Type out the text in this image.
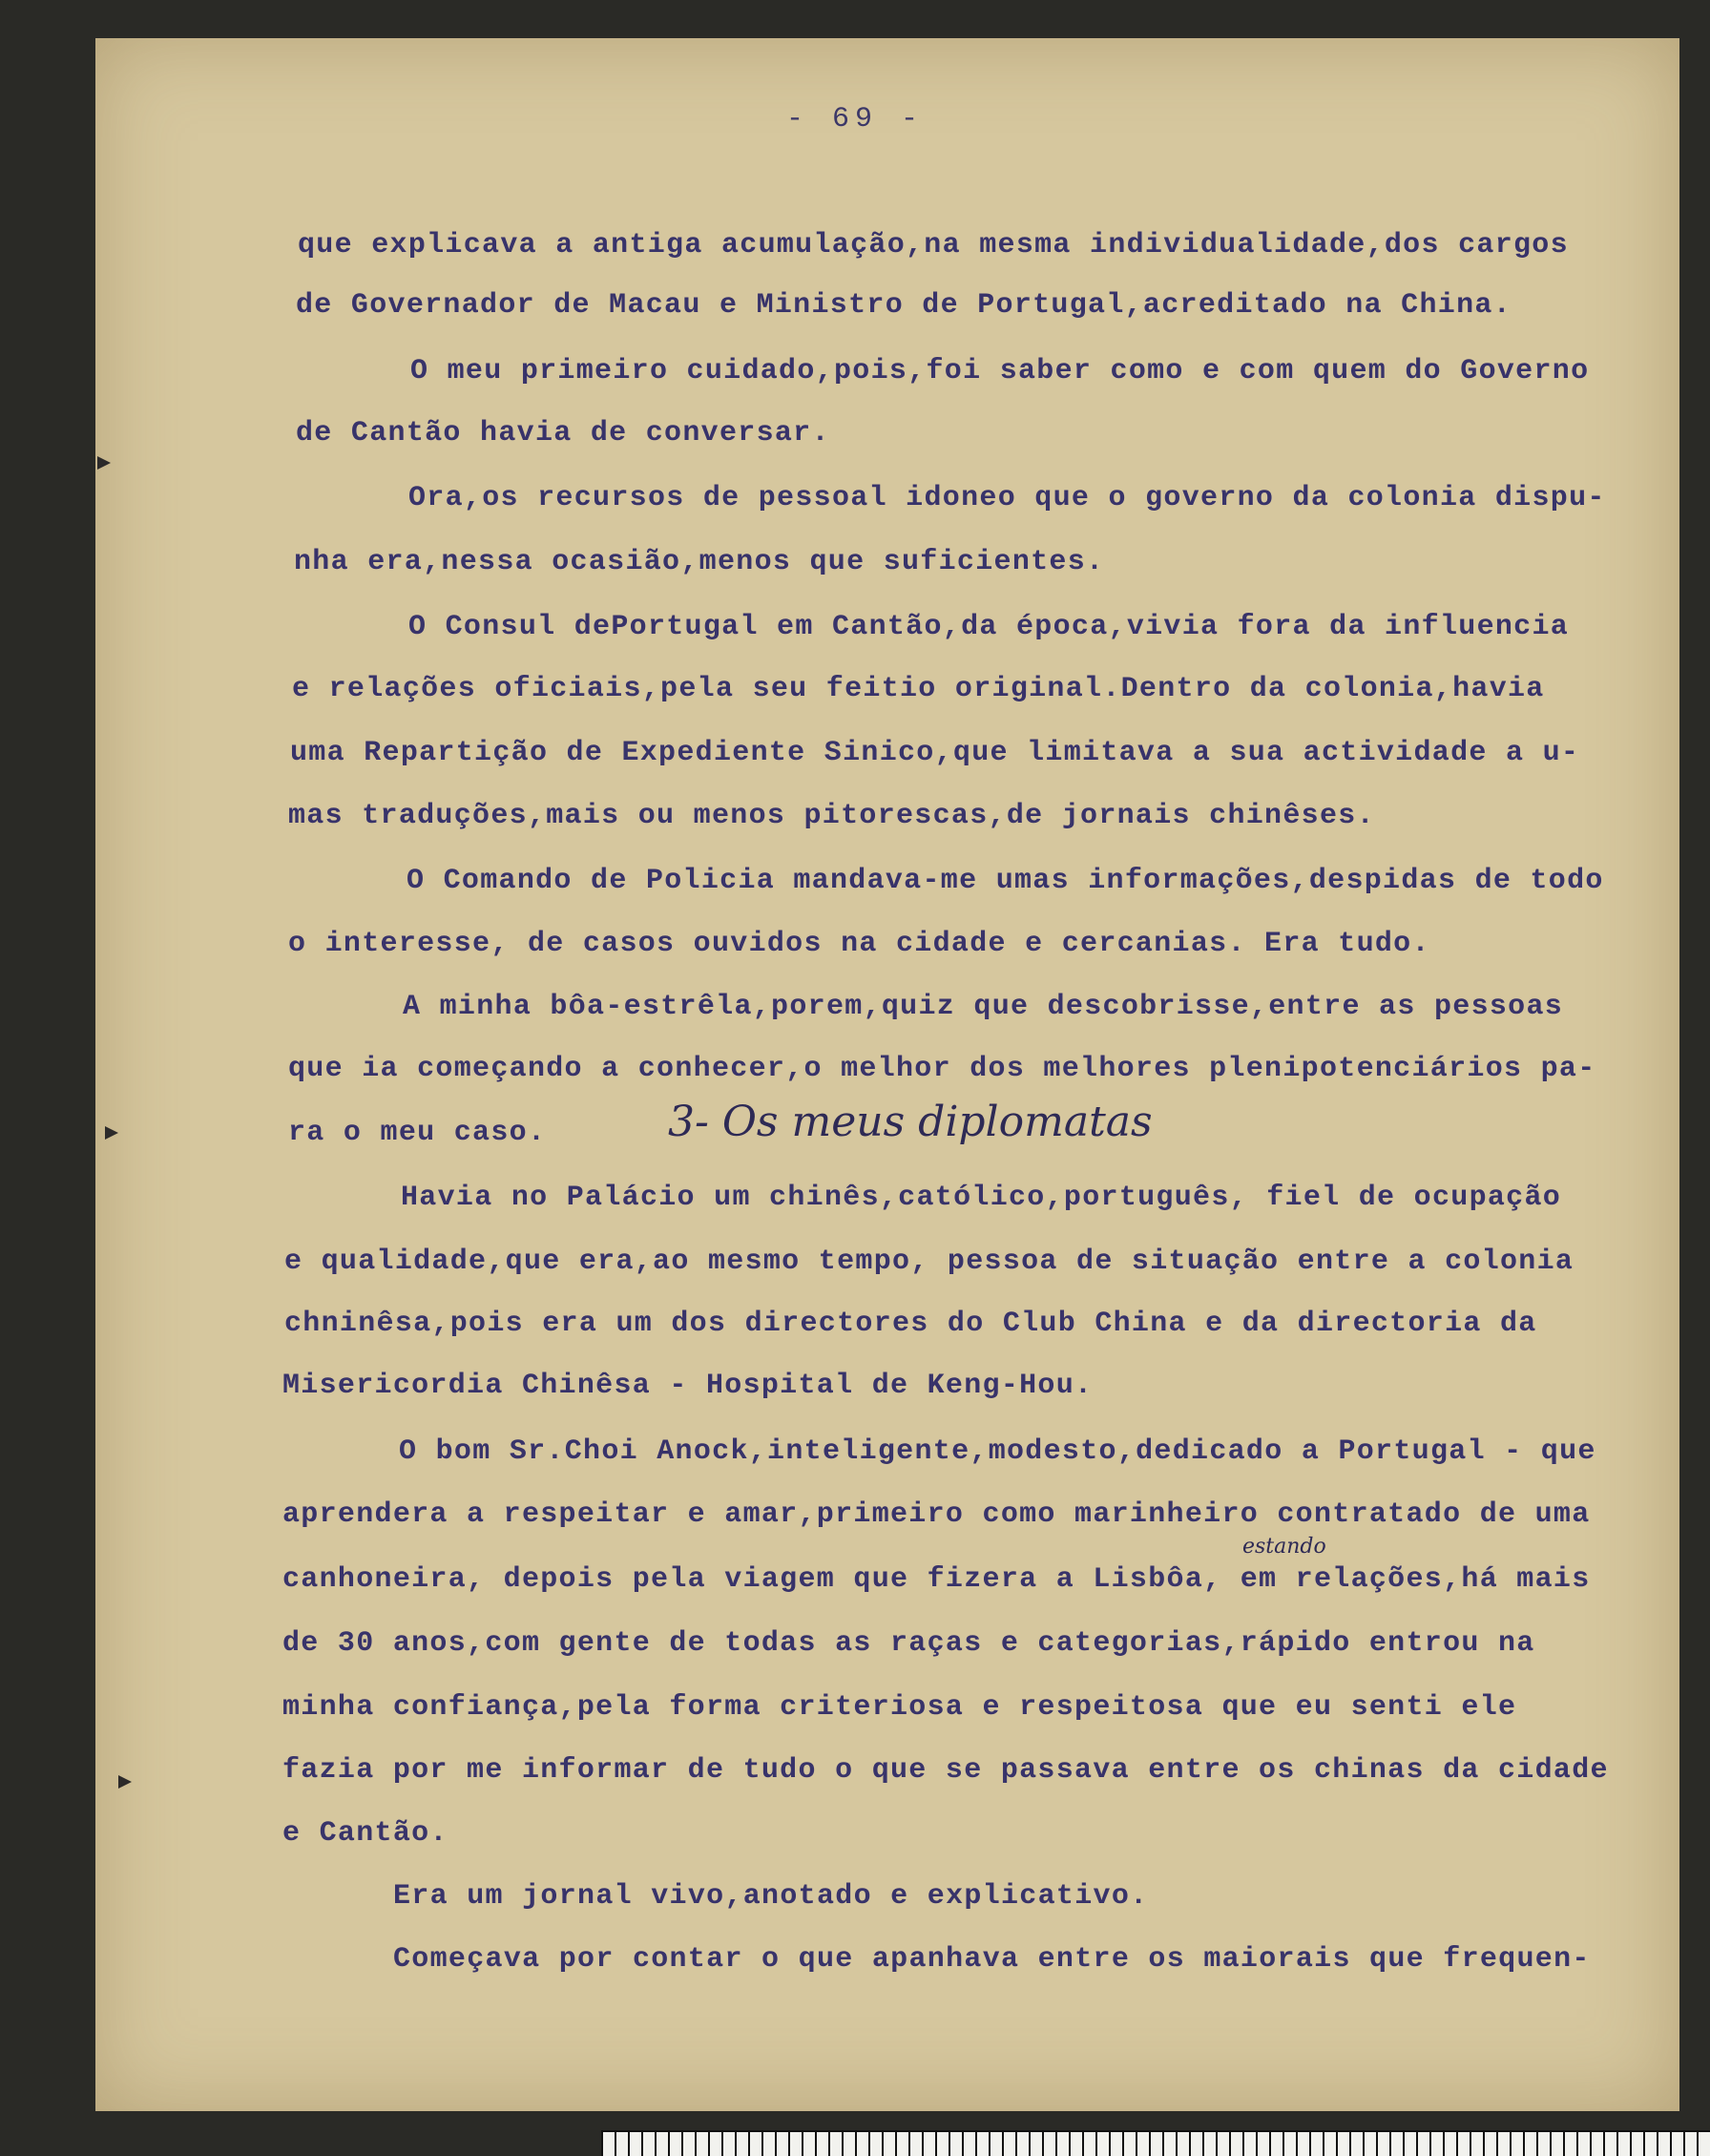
- 69 -
que explicava a antiga acumulação,na mesma individualidade,dos cargos
de Governador de Macau e Ministro de Portugal,acreditado na China.
O meu primeiro cuidado,pois,foi saber como e com quem do Governo
de Cantão havia de conversar.
Ora,os recursos de pessoal idoneo que o governo da colonia dispu-
nha era,nessa ocasião,menos que suficientes.
O Consul dePortugal em Cantão,da época,vivia fora da influencia
e relações oficiais,pela seu feitio original.Dentro da colonia,havia
uma Repartição de Expediente Sinico,que limitava a sua actividade a u-
mas traduções,mais ou menos pitorescas,de jornais chinêses.
O Comando de Policia mandava-me umas informações,despidas de todo
o interesse, de casos ouvidos na cidade e cercanias. Era tudo.
A minha bôa-estrêla,porem,quiz que descobrisse,entre as pessoas
que ia começando a conhecer,o melhor dos melhores plenipotenciários pa-
ra o meu caso.	3- Os meus diplomatas
Havia no Palácio um chinês,católico,português, fiel de ocupação
e qualidade,que era,ao mesmo tempo, pessoa de situação entre a colonia
chninêsa,pois era um dos directores do Club China e da directoria da
Misericordia Chinêsa - Hospital de Keng-Hou.
O bom Sr.Choi Anock,inteligente,modesto,dedicado a Portugal - que
aprendera a respeitar e amar,primeiro como marinheiro contratado de uma
estando
canhoneira, depois pela viagem que fizera a Lisbôa, em relações,há mais
de 30 anos,com gente de todas as raças e categorias,rápido entrou na
minha confiança,pela forma criteriosa e respeitosa que eu senti ele
fazia por me informar de tudo o que se passava entre os chinas da cidade
e Cantão.
Era um jornal vivo,anotado e explicativo.
Começava por contar o que apanhava entre os maiorais que frequen-
